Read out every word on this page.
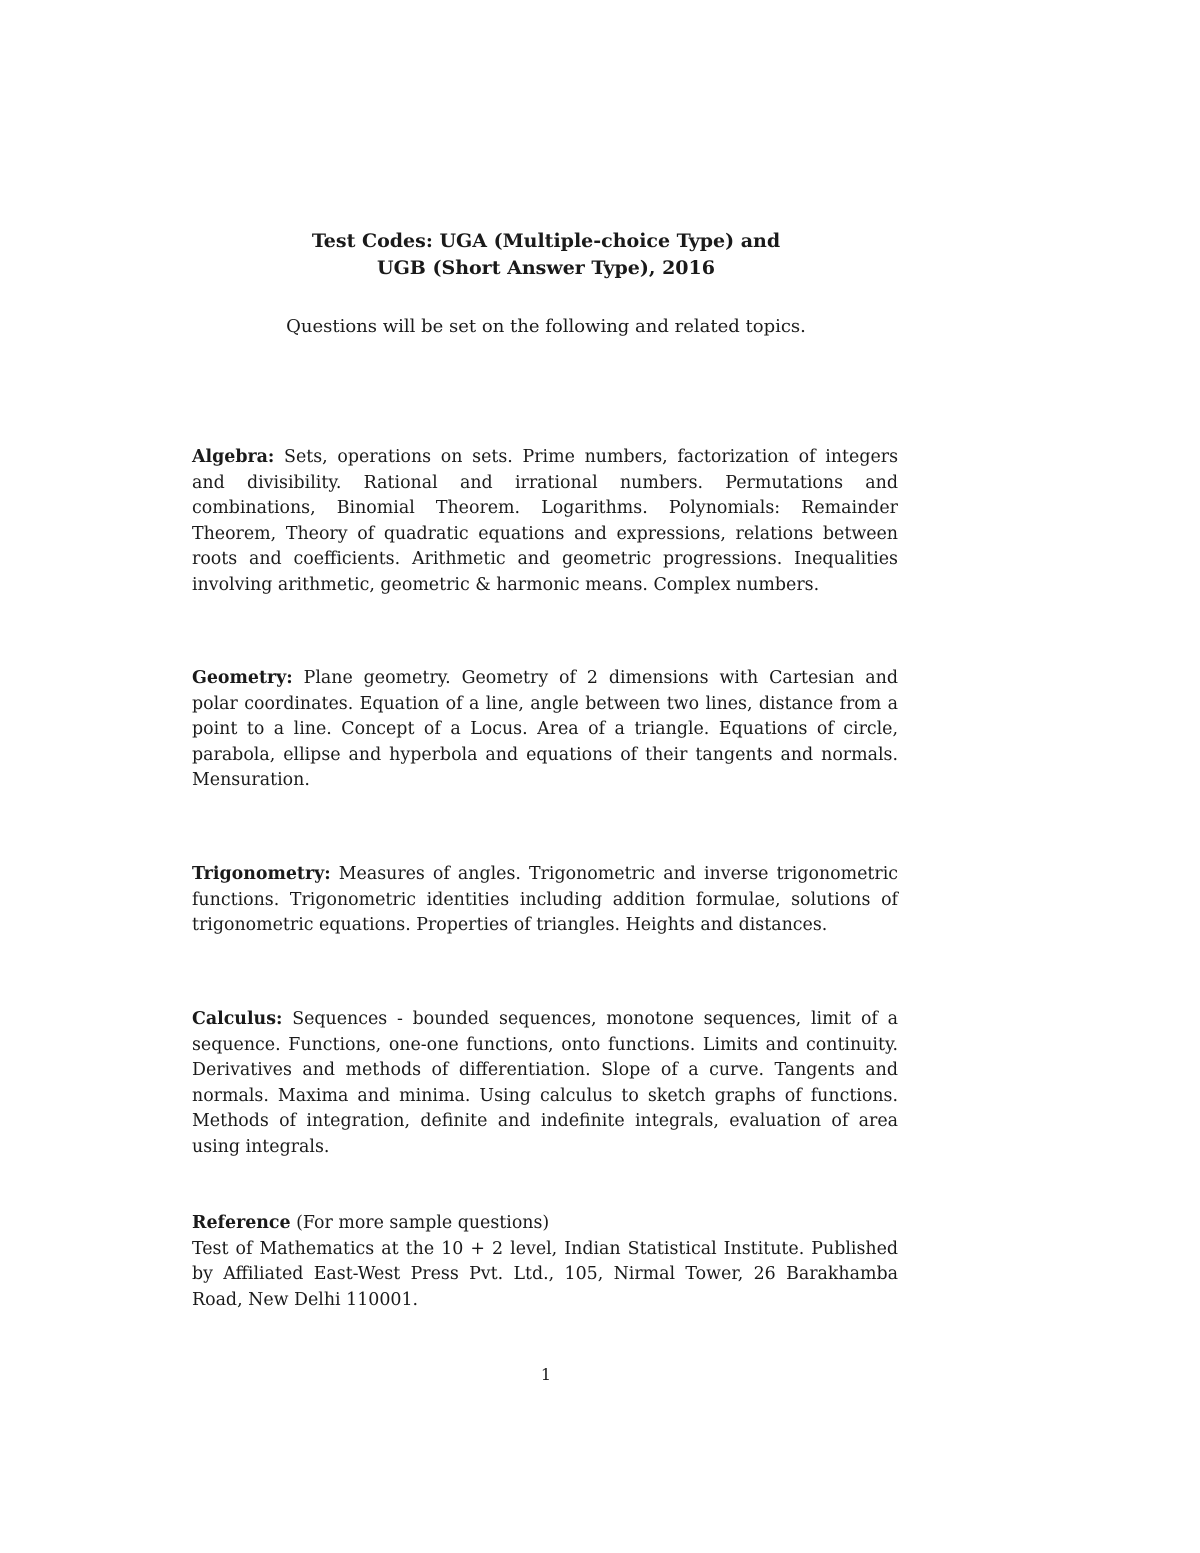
Test Codes: UGA (Multiple-choice Type) and
UGB (Short Answer Type), 2016
Questions will be set on the following and related topics.

Algebra: Sets, operations on sets. Prime numbers, factorization of integers and divisibility. Rational and irrational numbers. Permutations and combinations, Binomial Theorem. Logarithms. Polynomials: Remainder Theorem, Theory of quadratic equations and expressions, relations between roots and coefficients. Arithmetic and geometric progressions. Inequalities involving arithmetic, geometric & harmonic means. Complex numbers.

Geometry: Plane geometry. Geometry of 2 dimensions with Cartesian and polar coordinates. Equation of a line, angle between two lines, distance from a point to a line. Concept of a Locus. Area of a triangle. Equations of circle, parabola, ellipse and hyperbola and equations of their tangents and normals. Mensuration.

Trigonometry: Measures of angles. Trigonometric and inverse trigonometric functions. Trigonometric identities including addition formulae, solutions of trigonometric equations. Properties of triangles. Heights and distances.

Calculus: Sequences - bounded sequences, monotone sequences, limit of a sequence. Functions, one-one functions, onto functions. Limits and continuity. Derivatives and methods of differentiation. Slope of a curve. Tangents and normals. Maxima and minima. Using calculus to sketch graphs of functions. Methods of integration, definite and indefinite integrals, evaluation of area using integrals.

Reference (For more sample questions)
Test of Mathematics at the 10 + 2 level, Indian Statistical Institute. Published by Affiliated East-West Press Pvt. Ltd., 105, Nirmal Tower, 26 Barakhamba Road, New Delhi 110001.

1
